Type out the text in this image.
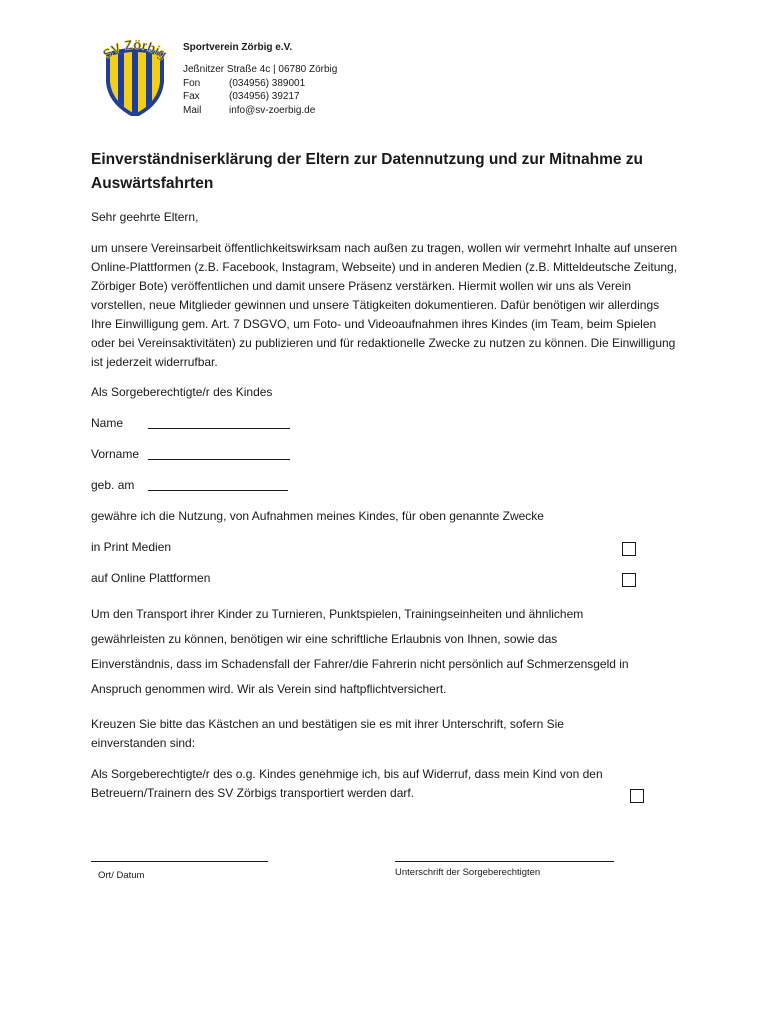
SV Zörbig Sportverein Zörbig e.V.
Jeßnitzer Straße 4c | 06780 Zörbig
Fon	(034956) 389001
Fax	(034956) 39217
Mail	info@sv-zoerbig.de
Einverständniserklärung der Eltern zur Datennutzung und zur Mitnahme zu Auswärtsfahrten
Sehr geehrte Eltern,
um unsere Vereinsarbeit öffentlichkeitswirksam nach außen zu tragen, wollen wir vermehrt Inhalte auf unseren Online-Plattformen (z.B. Facebook, Instagram, Webseite) und in anderen Medien (z.B. Mitteldeutsche Zeitung, Zörbiger Bote) veröffentlichen und damit unsere Präsenz verstärken. Hiermit wollen wir uns als Verein vorstellen, neue Mitglieder gewinnen und unsere Tätigkeiten dokumentieren. Dafür benötigen wir allerdings Ihre Einwilligung gem. Art. 7 DSGVO, um Foto- und Videoaufnahmen ihres Kindes (im Team, beim Spielen oder bei Vereinsaktivitäten) zu publizieren und für redaktionelle Zwecke zu nutzen zu können. Die Einwilligung ist jederzeit widerrufbar.
Als Sorgeberechtigte/r des Kindes
Name
Vorname
geb. am
gewähre ich die Nutzung, von Aufnahmen meines Kindes, für oben genannte Zwecke
in Print Medien
auf Online Plattformen
Um den Transport ihrer Kinder zu Turnieren, Punktspielen, Trainingseinheiten und ähnlichem
gewährleisten zu können, benötigen wir eine schriftliche Erlaubnis von Ihnen, sowie das
Einverständnis, dass im Schadensfall der Fahrer/die Fahrerin nicht persönlich auf Schmerzensgeld in
Anspruch genommen wird. Wir als Verein sind haftpflichtversichert.
Kreuzen Sie bitte das Kästchen an und bestätigen sie es mit ihrer Unterschrift, sofern Sie einverstanden sind:
Als Sorgeberechtigte/r des o.g. Kindes genehmige ich, bis auf Widerruf, dass mein Kind von den Betreuern/Trainern des SV Zörbigs transportiert werden darf.
Ort/ Datum	Unterschrift der Sorgeberechtigten
